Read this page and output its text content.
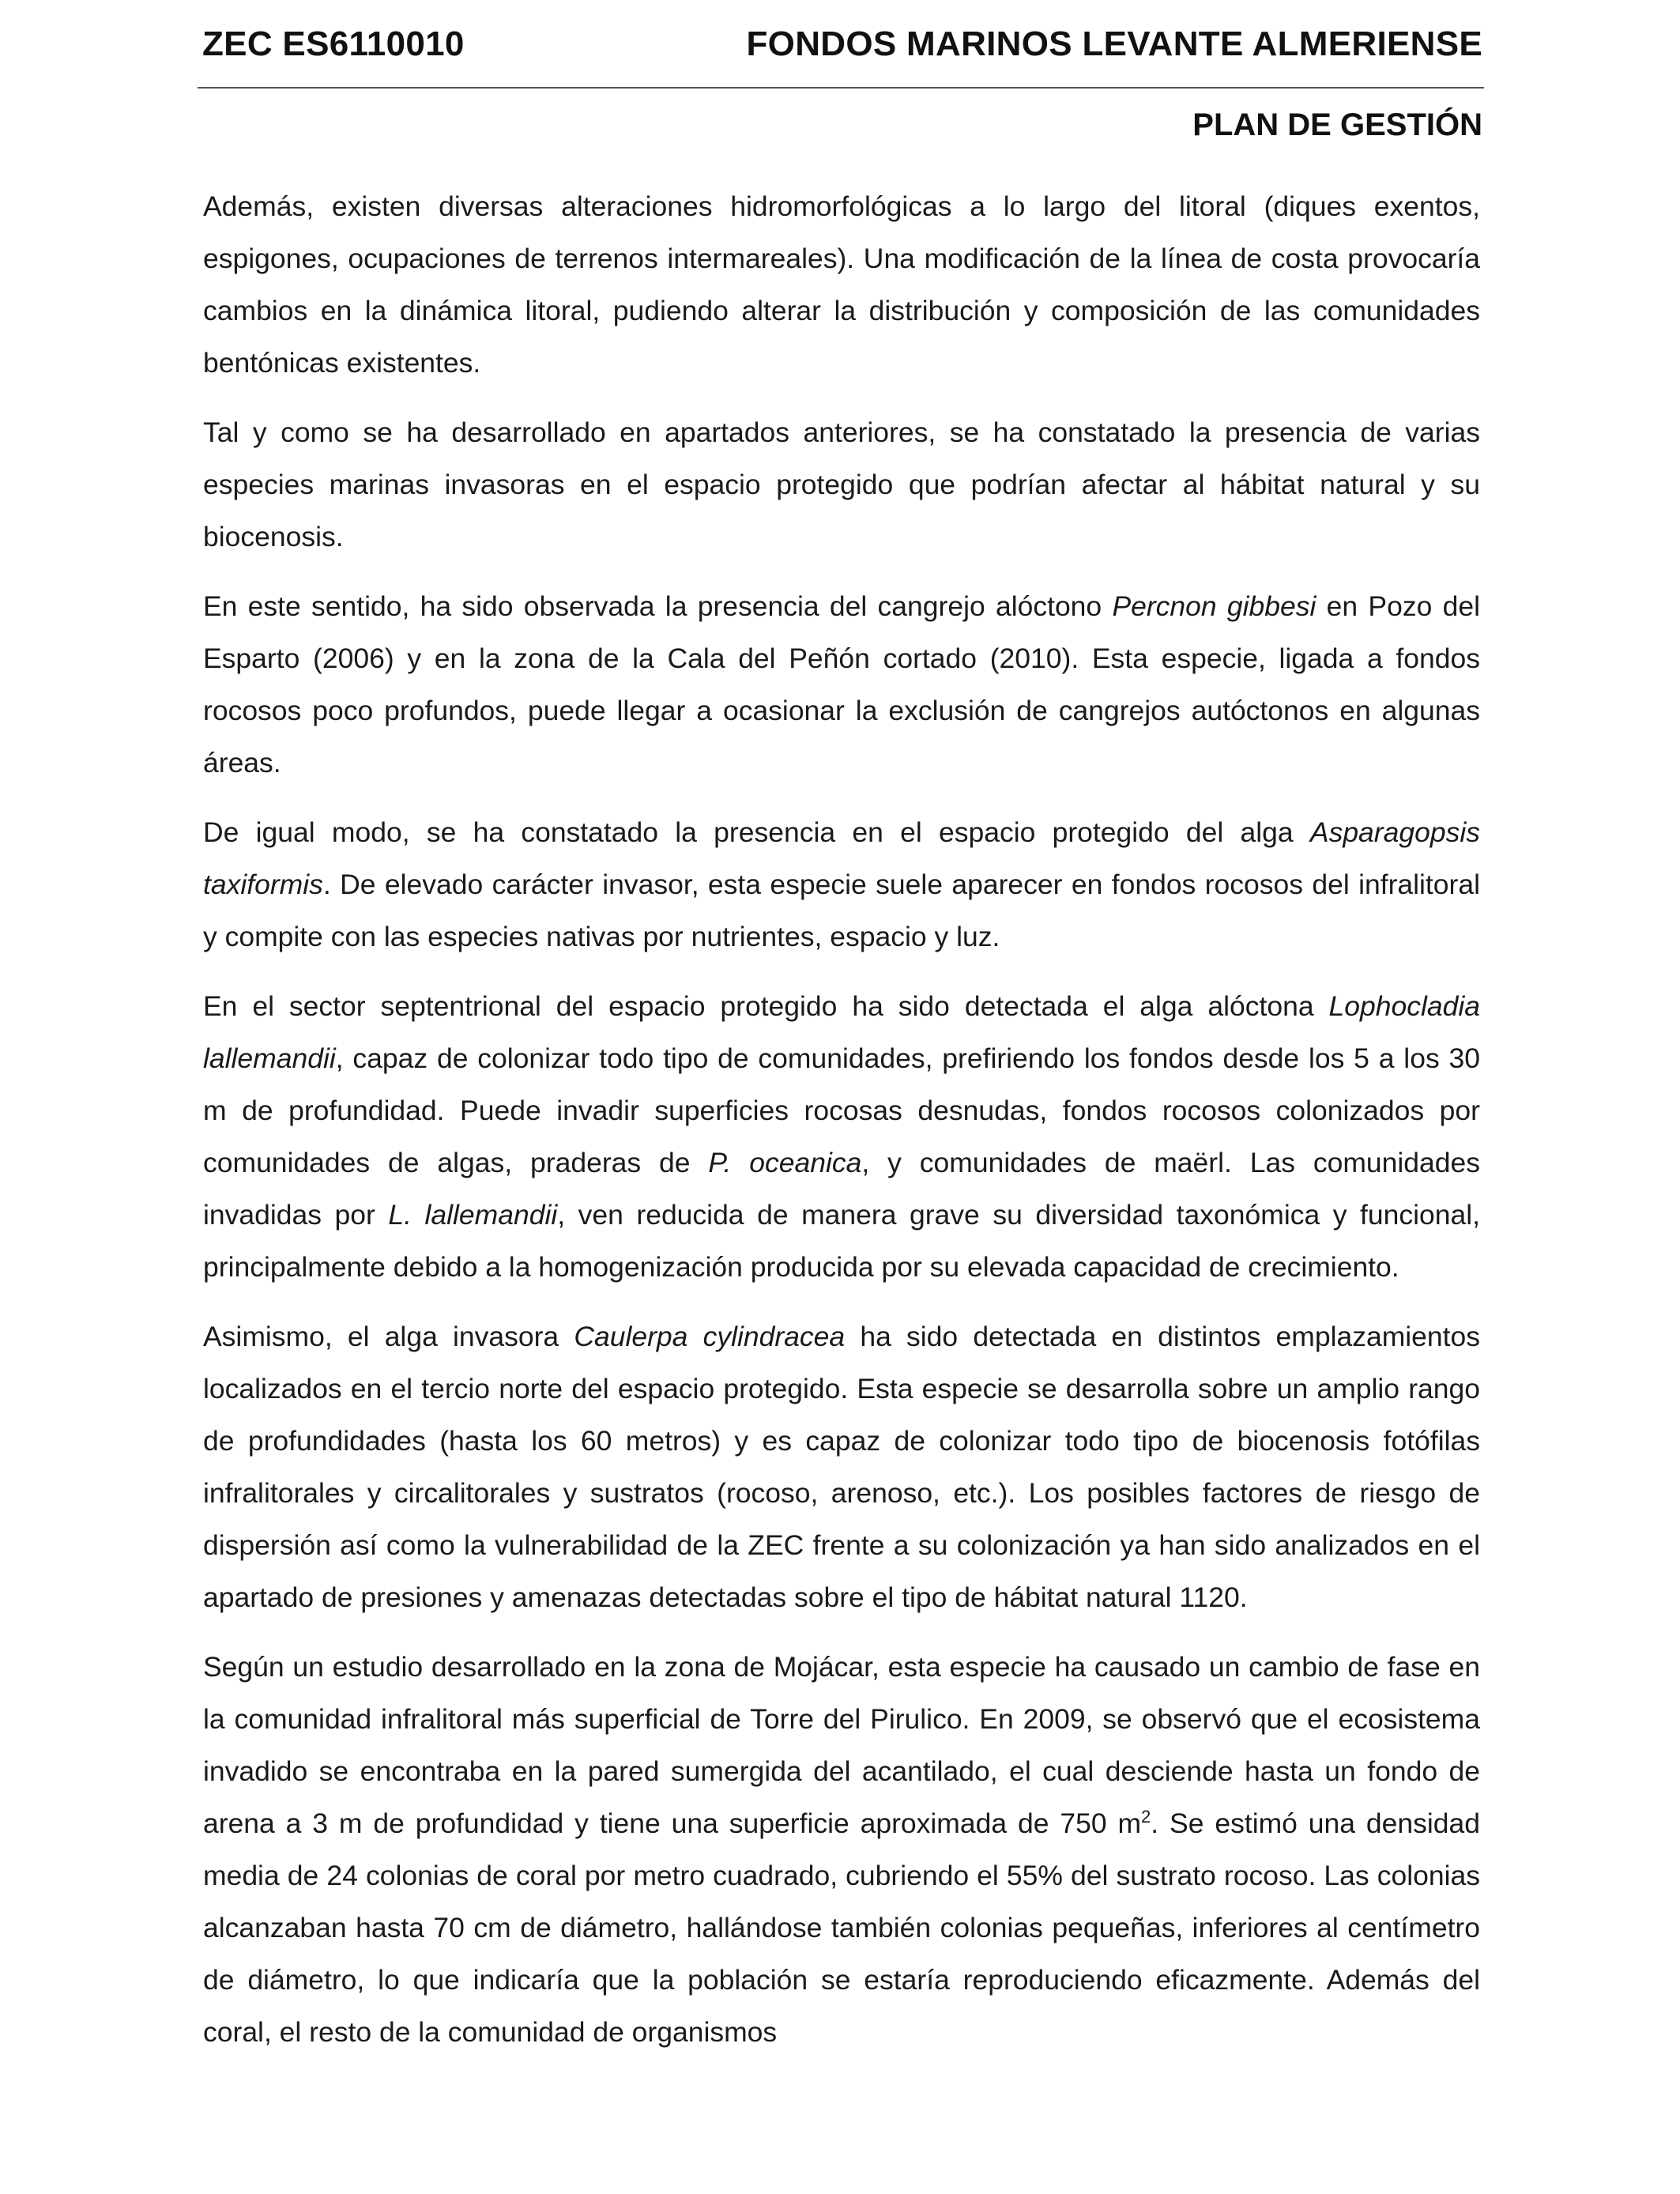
ZEC ES6110010	FONDOS MARINOS LEVANTE ALMERIENSE
PLAN DE GESTIÓN

Además, existen diversas alteraciones hidromorfológicas a lo largo del litoral (diques exentos, espigones, ocupaciones de terrenos intermareales). Una modificación de la línea de costa provocaría cambios en la dinámica litoral, pudiendo alterar la distribución y composición de las comunidades bentónicas existentes.

Tal y como se ha desarrollado en apartados anteriores, se ha constatado la presencia de varias especies marinas invasoras en el espacio protegido que podrían afectar al hábitat natural y su biocenosis.

En este sentido, ha sido observada la presencia del cangrejo alóctono Percnon gibbesi en Pozo del Esparto (2006) y en la zona de la Cala del Peñón cortado (2010). Esta especie, ligada a fondos rocosos poco profundos, puede llegar a ocasionar la exclusión de cangrejos autóctonos en algunas áreas.

De igual modo, se ha constatado la presencia en el espacio protegido del alga Asparagopsis taxiformis. De elevado carácter invasor, esta especie suele aparecer en fondos rocosos del infralitoral y compite con las especies nativas por nutrientes, espacio y luz.

En el sector septentrional del espacio protegido ha sido detectada el alga alóctona Lophocladia lallemandii, capaz de colonizar todo tipo de comunidades, prefiriendo los fondos desde los 5 a los 30 m de profundidad. Puede invadir superficies rocosas desnudas, fondos rocosos colonizados por comunidades de algas, praderas de P. oceanica, y comunidades de maërl. Las comunidades invadidas por L. lallemandii, ven reducida de manera grave su diversidad taxonómica y funcional, principalmente debido a la homogenización producida por su elevada capacidad de crecimiento.

Asimismo, el alga invasora Caulerpa cylindracea ha sido detectada en distintos emplazamientos localizados en el tercio norte del espacio protegido. Esta especie se desarrolla sobre un amplio rango de profundidades (hasta los 60 metros) y es capaz de colonizar todo tipo de biocenosis fotófilas infralitorales y circalitorales y sustratos (rocoso, arenoso, etc.). Los posibles factores de riesgo de dispersión así como la vulnerabilidad de la ZEC frente a su colonización ya han sido analizados en el apartado de presiones y amenazas detectadas sobre el tipo de hábitat natural 1120.

Según un estudio desarrollado en la zona de Mojácar, esta especie ha causado un cambio de fase en la comunidad infralitoral más superficial de Torre del Pirulico. En 2009, se observó que el ecosistema invadido se encontraba en la pared sumergida del acantilado, el cual desciende hasta un fondo de arena a 3 m de profundidad y tiene una superficie aproximada de 750 $m^2$. Se estimó una densidad media de 24 colonias de coral por metro cuadrado, cubriendo el 55% del sustrato rocoso. Las colonias alcanzaban hasta 70 cm de diámetro, hallándose también colonias pequeñas, inferiores al centímetro de diámetro, lo que indicaría que la población se estaría reproduciendo eficazmente. Además del coral, el resto de la comunidad de organismos
